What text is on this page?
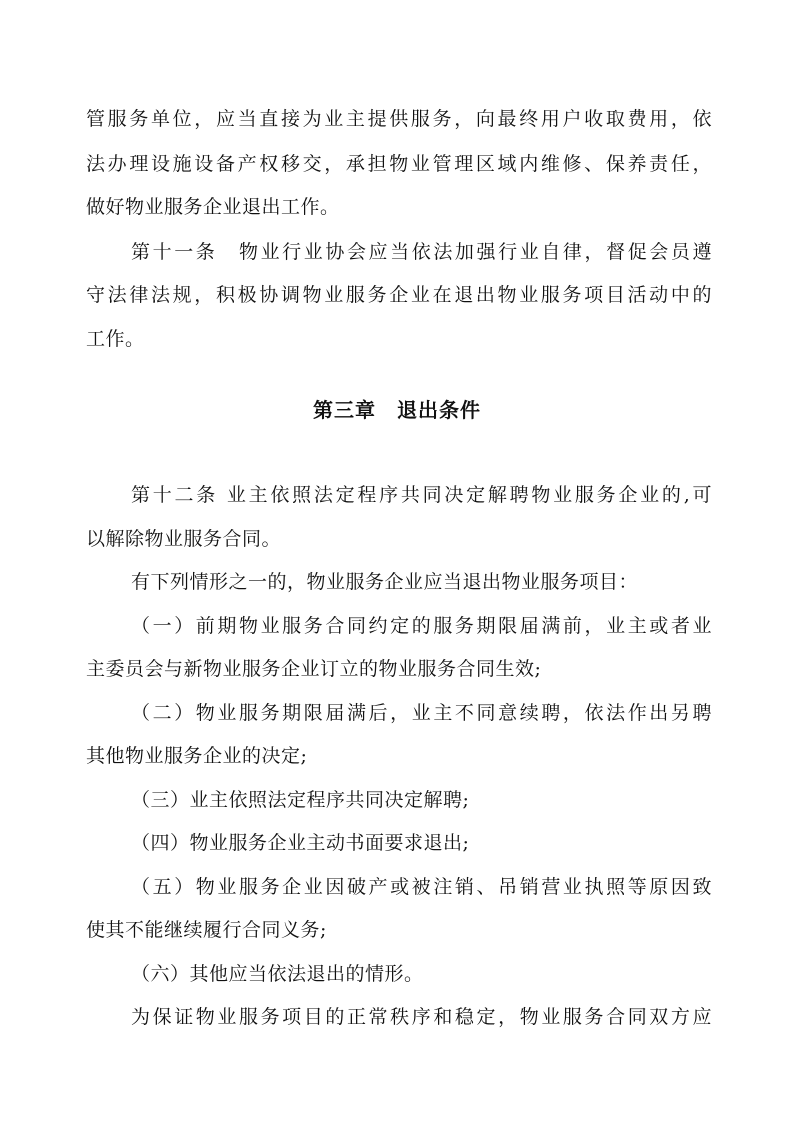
管服务单位，应当直接为业主提供服务，向最终用户收取费用，依
法办理设施设备产权移交，承担物业管理区域内维修、保养责任，
做好物业服务企业退出工作。
第十一条　物业行业协会应当依法加强行业自律，督促会员遵
守法律法规，积极协调物业服务企业在退出物业服务项目活动中的
工作。
第三章　退出条件
第十二条 业主依照法定程序共同决定解聘物业服务企业的,可
以解除物业服务合同。
有下列情形之一的，物业服务企业应当退出物业服务项目：
（一）前期物业服务合同约定的服务期限届满前，业主或者业
主委员会与新物业服务企业订立的物业服务合同生效;
（二）物业服务期限届满后，业主不同意续聘，依法作出另聘
其他物业服务企业的决定;
（三）业主依照法定程序共同决定解聘;
（四）物业服务企业主动书面要求退出;
（五）物业服务企业因破产或被注销、吊销营业执照等原因致
使其不能继续履行合同义务;
（六）其他应当依法退出的情形。
为保证物业服务项目的正常秩序和稳定，物业服务合同双方应
